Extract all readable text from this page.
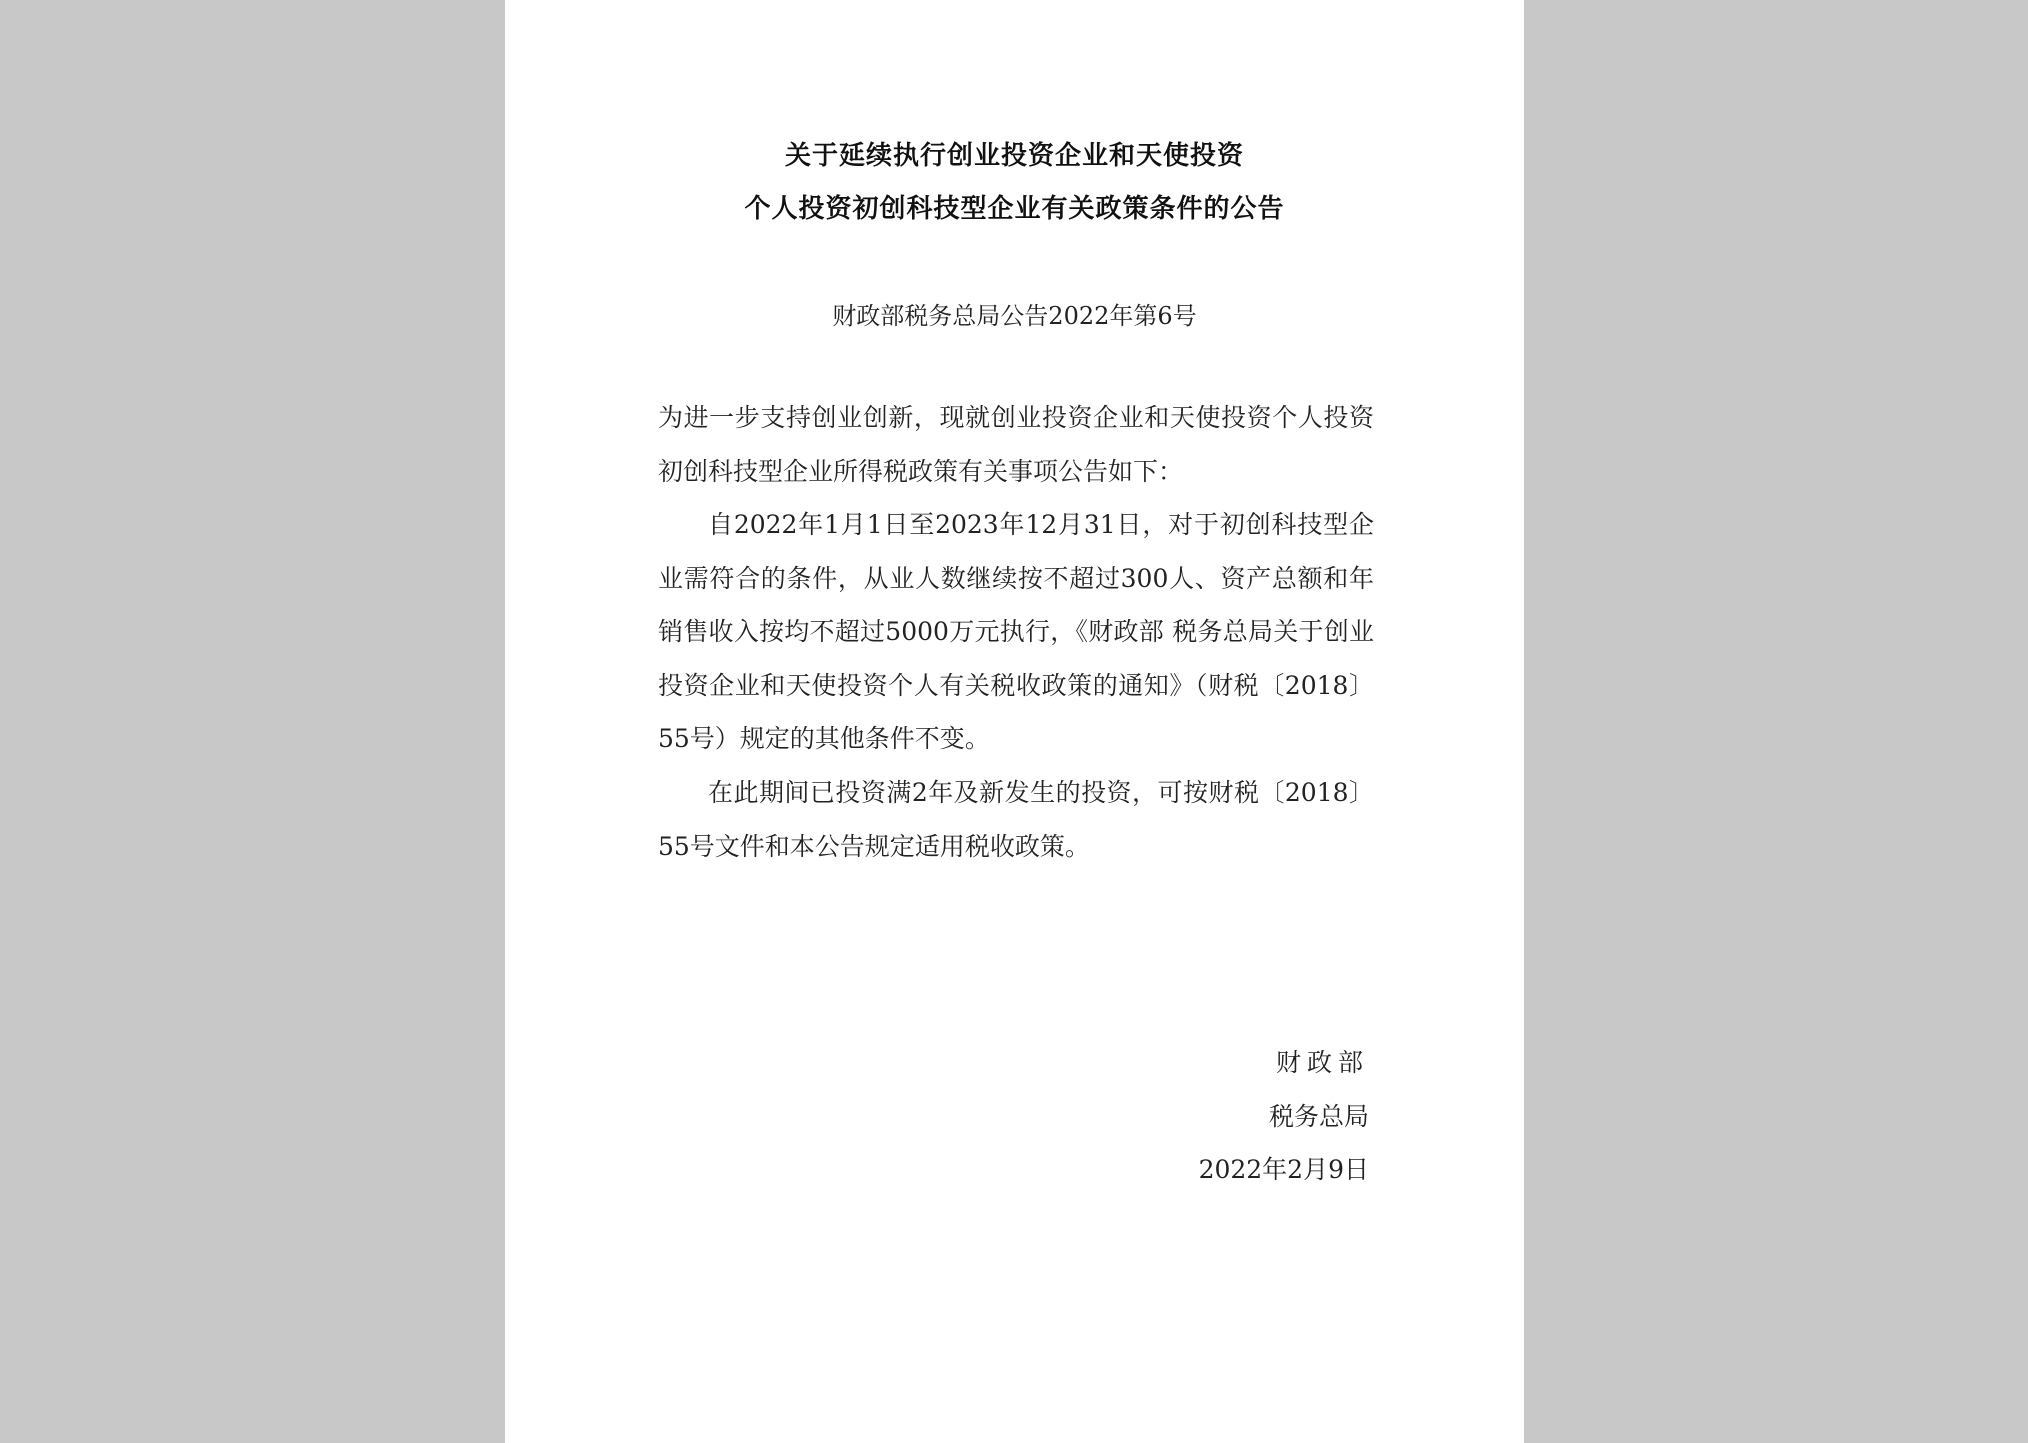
关于延续执行创业投资企业和天使投资
个人投资初创科技型企业有关政策条件的公告
财政部税务总局公告2022年第6号
为进一步支持创业创新，现就创业投资企业和天使投资个人投资初创科技型企业所得税政策有关事项公告如下：
自2022年1月1日至2023年12月31日，对于初创科技型企业需符合的条件，从业人数继续按不超过300人、资产总额和年销售收入按均不超过5000万元执行，《财政部 税务总局关于创业投资企业和天使投资个人有关税收政策的通知》（财税〔2018〕55号）规定的其他条件不变。
在此期间已投资满2年及新发生的投资，可按财税〔2018〕55号文件和本公告规定适用税收政策。
财政部
税务总局
2022年2月9日
